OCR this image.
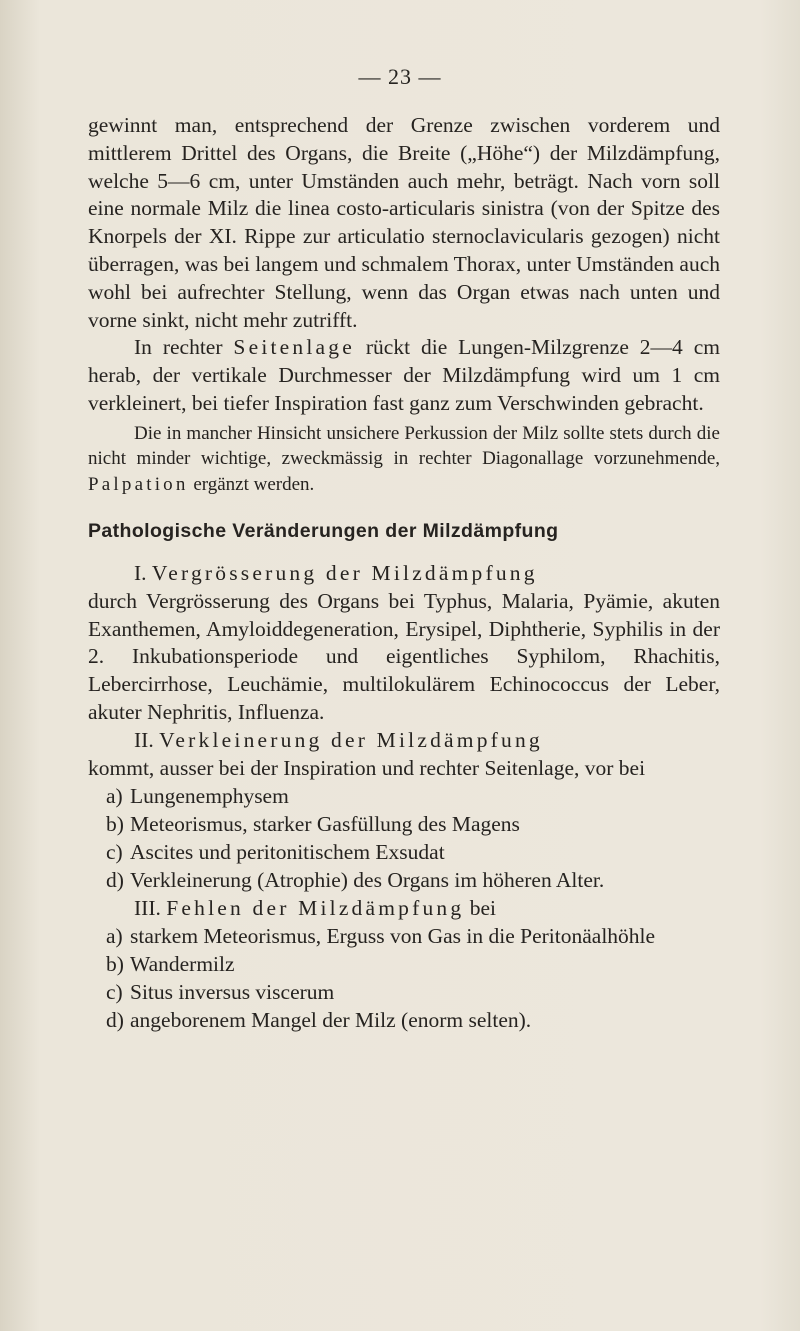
— 23 —

gewinnt man, entsprechend der Grenze zwischen vorderem und mittlerem Drittel des Organs, die Breite („Höhe“) der Milzdämpfung, welche 5—6 cm, unter Umständen auch mehr, beträgt. Nach vorn soll eine normale Milz die linea costo-articularis sinistra (von der Spitze des Knorpels der XI. Rippe zur articulatio sternoclavicularis gezogen) nicht überragen, was bei langem und schmalem Thorax, unter Umständen auch wohl bei aufrechter Stellung, wenn das Organ etwas nach unten und vorne sinkt, nicht mehr zutrifft.

In rechter Seitenlage rückt die Lungen-Milzgrenze 2—4 cm herab, der vertikale Durchmesser der Milzdämpfung wird um 1 cm verkleinert, bei tiefer Inspiration fast ganz zum Verschwinden gebracht.

Die in mancher Hinsicht unsichere Perkussion der Milz sollte stets durch die nicht minder wichtige, zweckmässig in rechter Diagonallage vorzunehmende, Palpation ergänzt werden.

Pathologische Veränderungen der Milzdämpfung

I. Vergrösserung der Milzdämpfung

durch Vergrösserung des Organs bei Typhus, Malaria, Pyämie, akuten Exanthemen, Amyloiddegeneration, Erysipel, Diphtherie, Syphilis in der 2. Inkubationsperiode und eigentliches Syphilom, Rhachitis, Lebercirrhose, Leuchämie, multilokulärem Echinococcus der Leber, akuter Nephritis, Influenza.

II. Verkleinerung der Milzdämpfung

kommt, ausser bei der Inspiration und rechter Seitenlage, vor bei

a) Lungenemphysem
b) Meteorismus, starker Gasfüllung des Magens
c) Ascites und peritonitischem Exsudat
d) Verkleinerung (Atrophie) des Organs im höheren Alter.

III. Fehlen der Milzdämpfung bei

a) starkem Meteorismus, Erguss von Gas in die Peritonäalhöhle
b) Wandermilz
c) Situs inversus viscerum
d) angeborenem Mangel der Milz (enorm selten).
